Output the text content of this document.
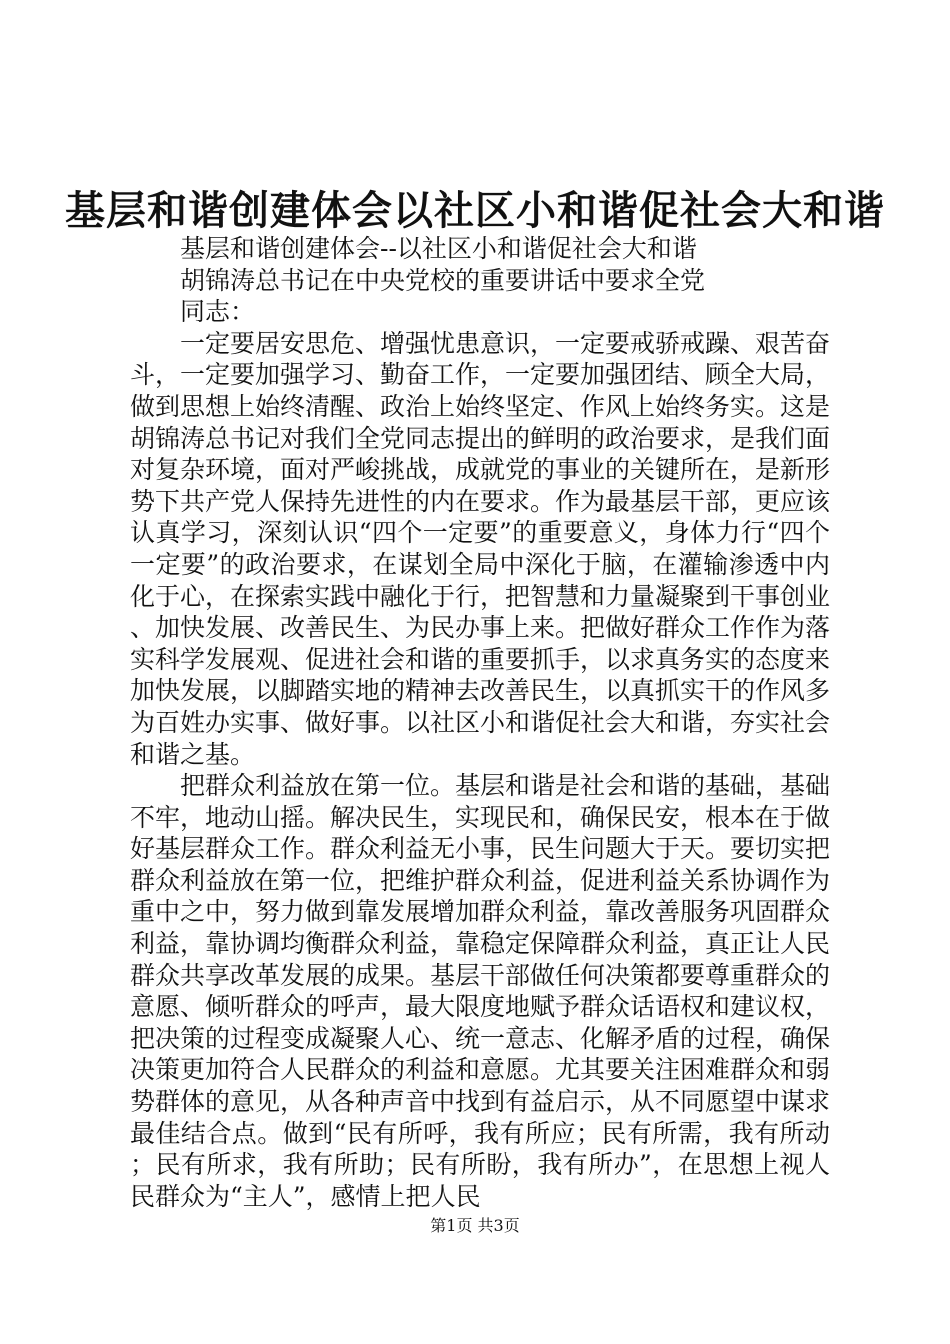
基层和谐创建体会以社区小和谐促社会大和谐

基层和谐创建体会--以社区小和谐促社会大和谐

胡锦涛总书记在中央党校的重要讲话中要求全党

同志：

一定要居安思危、增强忧患意识，一定要戒骄戒躁、艰苦奋斗，一定要加强学习、勤奋工作，一定要加强团结、顾全大局，做到思想上始终清醒、政治上始终坚定、作风上始终务实。这是胡锦涛总书记对我们全党同志提出的鲜明的政治要求，是我们面对复杂环境，面对严峻挑战，成就党的事业的关键所在，是新形势下共产党人保持先进性的内在要求。作为最基层干部，更应该认真学习，深刻认识“四个一定要”的重要意义，身体力行“四个一定要”的政治要求，在谋划全局中深化于脑，在灌输渗透中内化于心，在探索实践中融化于行，把智慧和力量凝聚到干事创业、加快发展、改善民生、为民办事上来。把做好群众工作作为落实科学发展观、促进社会和谐的重要抓手，以求真务实的态度来加快发展，以脚踏实地的精神去改善民生，以真抓实干的作风多为百姓办实事、做好事。以社区小和谐促社会大和谐，夯实社会和谐之基。

把群众利益放在第一位。基层和谐是社会和谐的基础，基础不牢，地动山摇。解决民生，实现民和，确保民安，根本在于做好基层群众工作。群众利益无小事，民生问题大于天。要切实把群众利益放在第一位，把维护群众利益，促进利益关系协调作为重中之中，努力做到靠发展增加群众利益，靠改善服务巩固群众利益，靠协调均衡群众利益，靠稳定保障群众利益，真正让人民群众共享改革发展的成果。基层干部做任何决策都要尊重群众的意愿、倾听群众的呼声，最大限度地赋予群众话语权和建议权，把决策的过程变成凝聚人心、统一意志、化解矛盾的过程，确保决策更加符合人民群众的利益和意愿。尤其要关注困难群众和弱势群体的意见，从各种声音中找到有益启示，从不同愿望中谋求最佳结合点。做到“民有所呼，我有所应；民有所需，我有所动；民有所求，我有所助；民有所盼，我有所办”，在思想上视人民群众为“主人”，感情上把人民

第1页 共3页
